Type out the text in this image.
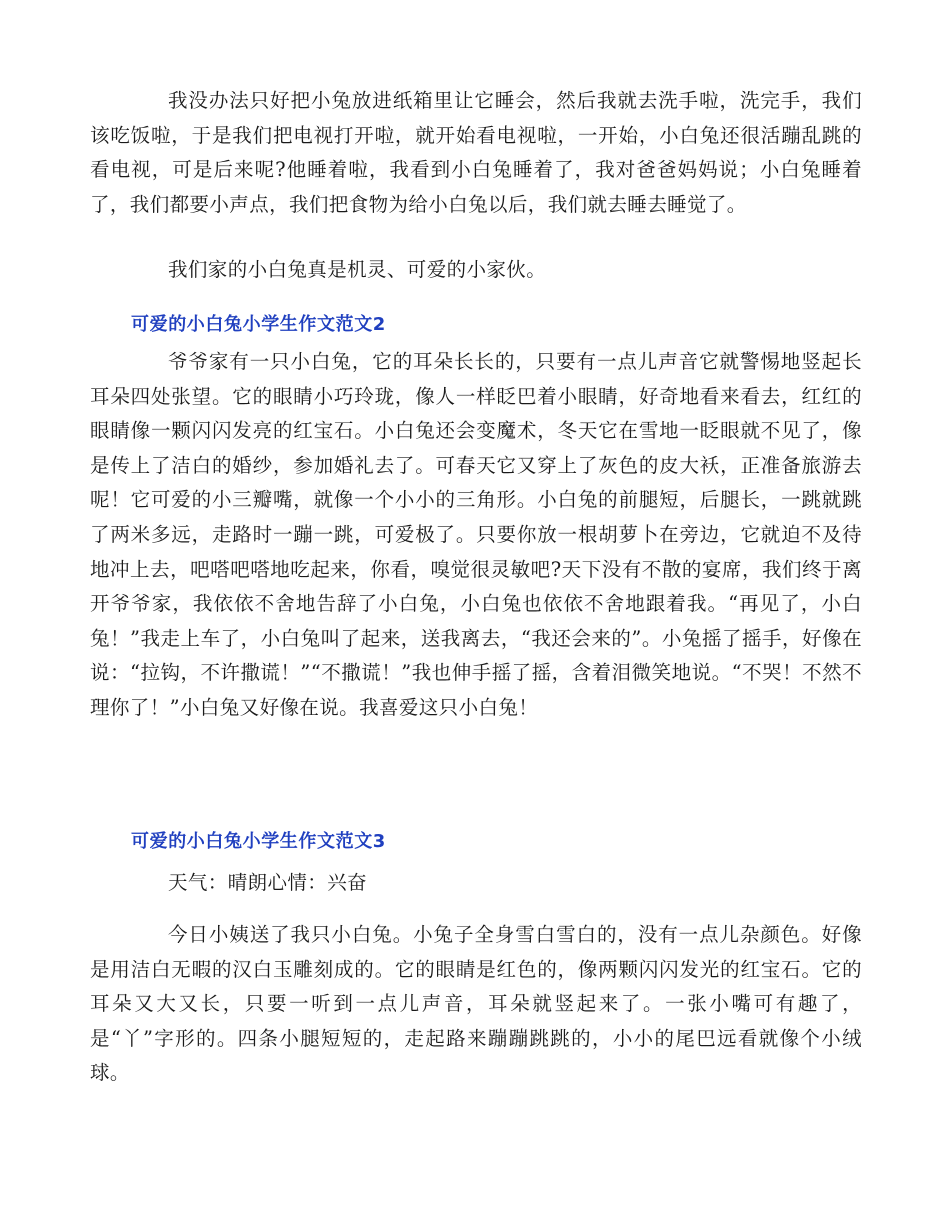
我没办法只好把小兔放进纸箱里让它睡会，然后我就去洗手啦，洗完手，我们该吃饭啦，于是我们把电视打开啦，就开始看电视啦，一开始，小白兔还很活蹦乱跳的看电视，可是后来呢?他睡着啦，我看到小白兔睡着了，我对爸爸妈妈说；小白兔睡着了，我们都要小声点，我们把食物为给小白兔以后，我们就去睡去睡觉了。

我们家的小白兔真是机灵、可爱的小家伙。

可爱的小白兔小学生作文范文2

爷爷家有一只小白兔，它的耳朵长长的，只要有一点儿声音它就警惕地竖起长耳朵四处张望。它的眼睛小巧玲珑，像人一样眨巴着小眼睛，好奇地看来看去，红红的眼睛像一颗闪闪发亮的红宝石。小白兔还会变魔术，冬天它在雪地一眨眼就不见了，像是传上了洁白的婚纱，参加婚礼去了。可春天它又穿上了灰色的皮大袄，正准备旅游去呢！它可爱的小三瓣嘴，就像一个小小的三角形。小白兔的前腿短，后腿长，一跳就跳了两米多远，走路时一蹦一跳，可爱极了。只要你放一根胡萝卜在旁边，它就迫不及待地冲上去，吧嗒吧嗒地吃起来，你看，嗅觉很灵敏吧?天下没有不散的宴席，我们终于离开爷爷家，我依依不舍地告辞了小白兔，小白兔也依依不舍地跟着我。“再见了，小白兔！”我走上车了，小白兔叫了起来，送我离去，“我还会来的”。小兔摇了摇手，好像在说：“拉钩，不许撒谎！”“不撒谎！”我也伸手摇了摇，含着泪微笑地说。“不哭！不然不理你了！”小白兔又好像在说。我喜爱这只小白兔！

可爱的小白兔小学生作文范文3

天气：晴朗心情：兴奋

今日小姨送了我只小白兔。小兔子全身雪白雪白的，没有一点儿杂颜色。好像是用洁白无暇的汉白玉雕刻成的。它的眼睛是红色的，像两颗闪闪发光的红宝石。它的耳朵又大又长，只要一听到一点儿声音，耳朵就竖起来了。一张小嘴可有趣了，是“丫”字形的。四条小腿短短的，走起路来蹦蹦跳跳的，小小的尾巴远看就像个小绒球。
